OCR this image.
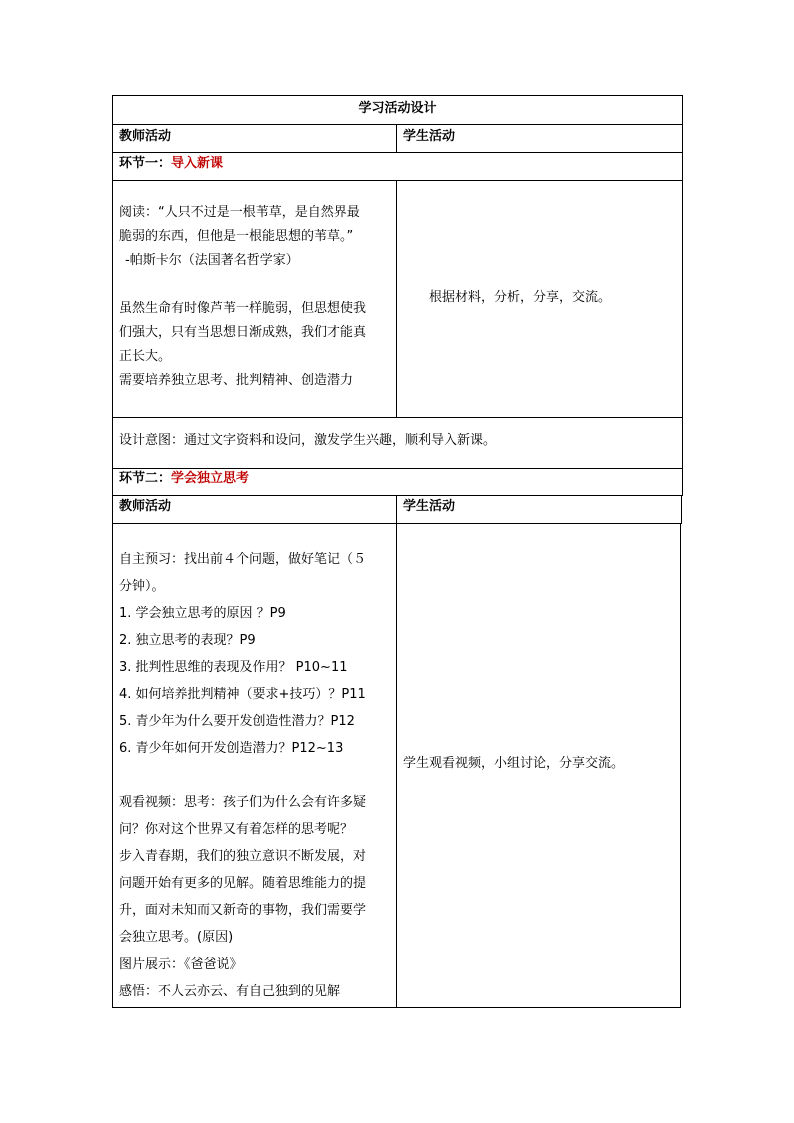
学习活动设计
教师活动	学生活动
环节一：导入新课
阅读：“人只不过是一根苇草，是自然界最
脆弱的东西，但他是一根能思想的苇草。”
-帕斯卡尔（法国著名哲学家）
虽然生命有时像芦苇一样脆弱，但思想使我
们强大，只有当思想日渐成熟，我们才能真
正长大。
需要培养独立思考、批判精神、创造潜力
根据材料，分析，分享，交流。
设计意图：通过文字资料和设问，激发学生兴趣，顺利导入新课。
环节二：学会独立思考
教师活动	学生活动
自主预习：找出前４个问题，做好笔记（５
分钟）。
1. 学会独立思考的原因 ？P9
2. 独立思考的表现？P9
3. 批判性思维的表现及作用？ P10~11
4. 如何培养批判精神（要求+技巧）？P11
5. 青少年为什么要开发创造性潜力？P12
6. 青少年如何开发创造潜力？P12~13
观看视频：思考：孩子们为什么会有许多疑
问？你对这个世界又有着怎样的思考呢？
步入青春期，我们的独立意识不断发展，对
问题开始有更多的见解。随着思维能力的提
升，面对未知而又新奇的事物，我们需要学
会独立思考。(原因)
图片展示：《爸爸说》
感悟：不人云亦云、有自己独到的见解
学生观看视频，小组讨论，分享交流。
